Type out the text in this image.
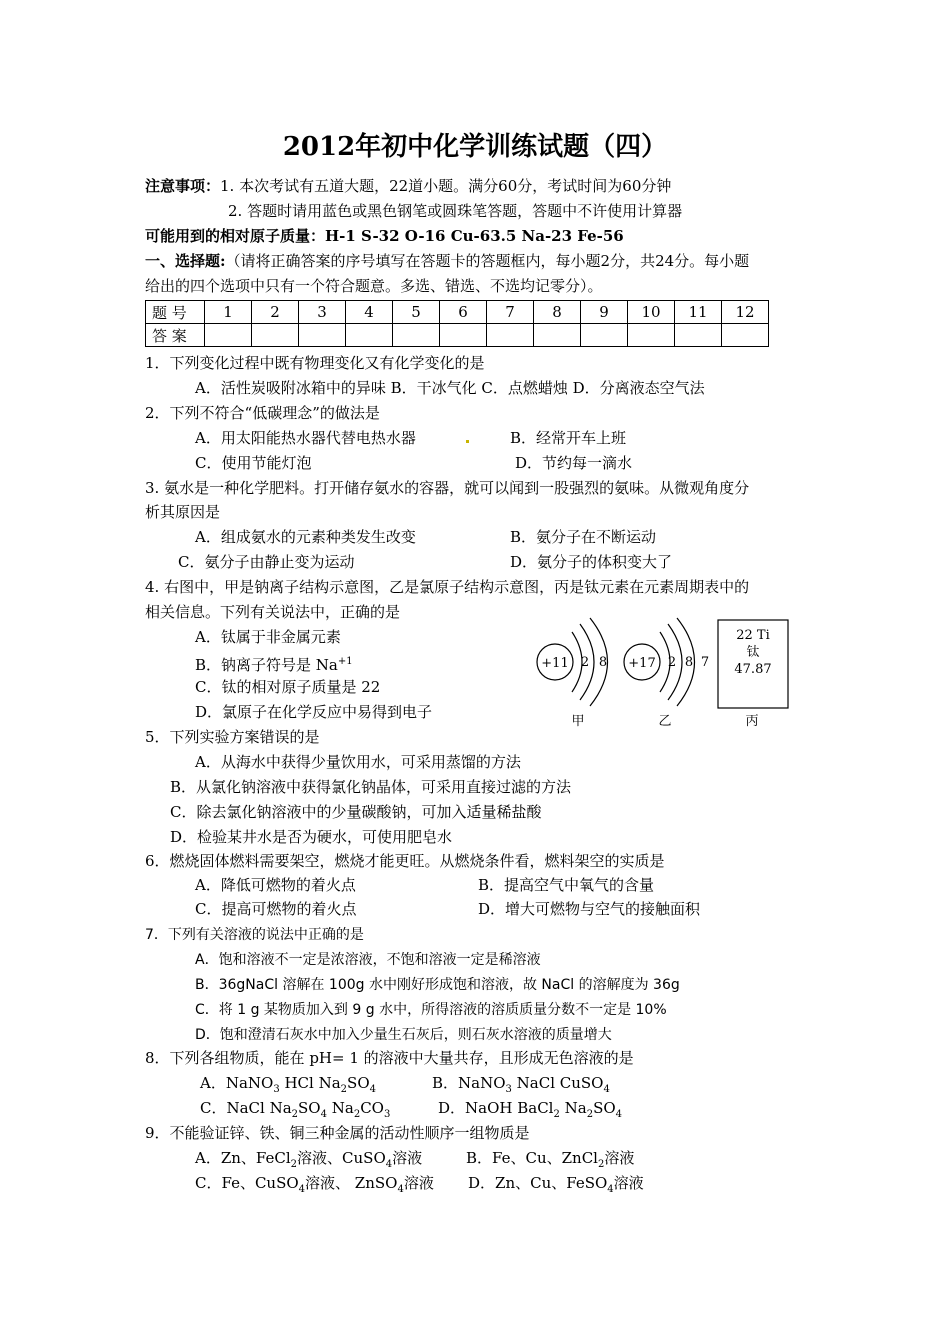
2012年初中化学训练试题（四）
注意事项：1. 本次考试有五道大题，22道小题。满分60分，考试时间为60分钟
2. 答题时请用蓝色或黑色钢笔或圆珠笔答题，答题中不许使用计算器
可能用到的相对原子质量：H-1 S-32 O-16 Cu-63.5 Na-23 Fe-56
一、选择题:（请将正确答案的序号填写在答题卡的答题框内，每小题2分，共24分。每小题
给出的四个选项中只有一个符合题意。多选、错选、不选均记零分）。
题 号	1	2	3	4	5	6	7	8	9	10	11	12
答 案												
1．下列变化过程中既有物理变化又有化学变化的是
A．活性炭吸附冰箱中的异味 B．干冰气化 C．点燃蜡烛 D．分离液态空气法
2．下列不符合“低碳理念”的做法是
A．用太阳能热水器代替电热水器	B．经常开车上班
C．使用节能灯泡	D．节约每一滴水
3. 氨水是一种化学肥料。打开储存氨水的容器，就可以闻到一股强烈的氨味。从微观角度分
析其原因是
A．组成氨水的元素种类发生改变	B．氨分子在不断运动
C．氨分子由静止变为运动	D．氨分子的体积变大了
4. 右图中，甲是钠离子结构示意图，乙是氯原子结构示意图，丙是钛元素在元素周期表中的
相关信息。下列有关说法中，正确的是
A．钛属于非金属元素
B．钠离子符号是 $Na^{+1}$
C．钛的相对原子质量是 22
D．氯原子在化学反应中易得到电子
+11 2 8
甲
+17 2 8 7
乙
22 Ti
钛
47.87
丙
5．下列实验方案错误的是
A．从海水中获得少量饮用水，可采用蒸馏的方法
B．从氯化钠溶液中获得氯化钠晶体，可采用直接过滤的方法
C．除去氯化钠溶液中的少量碳酸钠，可加入适量稀盐酸
D．检验某井水是否为硬水，可使用肥皂水
6．燃烧固体燃料需要架空，燃烧才能更旺。从燃烧条件看，燃料架空的实质是
A．降低可燃物的着火点	B．提高空气中氧气的含量
C．提高可燃物的着火点	D．增大可燃物与空气的接触面积
7．下列有关溶液的说法中正确的是
A．饱和溶液不一定是浓溶液，不饱和溶液一定是稀溶液
B．36gNaCl 溶解在 100g 水中刚好形成饱和溶液，故 NaCl 的溶解度为 36g
C．将 1 g 某物质加入到 9 g 水中，所得溶液的溶质质量分数不一定是 10%
D．饱和澄清石灰水中加入少量生石灰后，则石灰水溶液的质量增大
8．下列各组物质，能在 pH= 1 的溶液中大量共存，且形成无色溶液的是
A．NaNO$_3$ HCl $Na_2SO_4$	B．NaNO$_3$ NaCl CuSO$_4$
C．NaCl $Na_2SO_4$ $Na_2CO_3$	D．NaOH BaCl$_2$ $Na_2SO_4$
9．不能验证锌、铁、铜三种金属的活动性顺序一组物质是
A．Zn、FeCl$_2$溶液、CuSO$_4$溶液	B．Fe、Cu、ZnCl$_2$溶液
C．Fe、CuSO$_4$溶液、 ZnSO$_4$溶液 D．Zn、Cu、FeSO$_4$溶液
